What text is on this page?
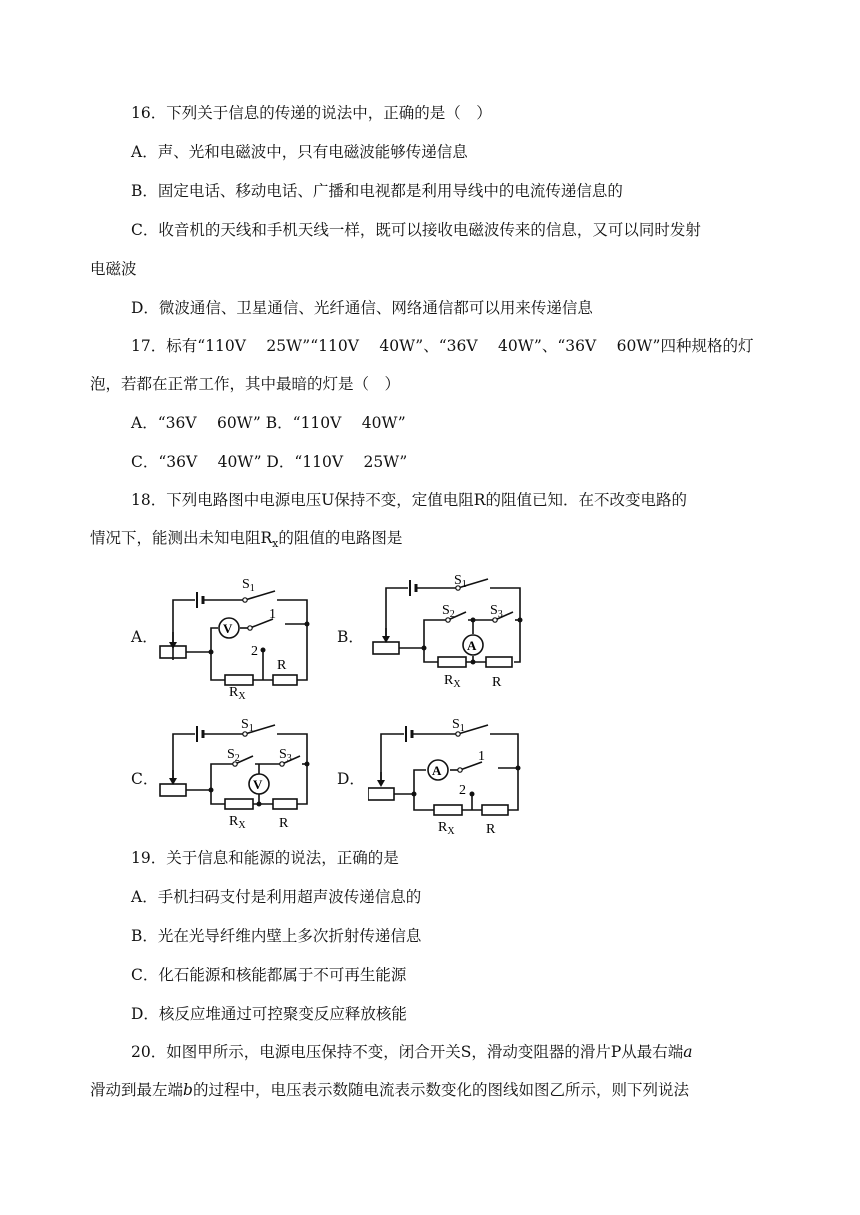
16．下列关于信息的传递的说法中，正确的是（　）
A．声、光和电磁波中，只有电磁波能够传递信息
B．固定电话、移动电话、广播和电视都是利用导线中的电流传递信息的
C．收音机的天线和手机天线一样，既可以接收电磁波传来的信息，又可以同时发射
电磁波
D．微波通信、卫星通信、光纤通信、网络通信都可以用来传递信息
17．标有“110V　 25W”“110V　 40W”、“36V　 40W”、“36V　 60W”四种规格的灯
泡，若都在正常工作，其中最暗的灯是（　）
A．“36V　 60W” B．“110V　 40W”
C．“36V　 40W” D．“110V　 25W”
18．下列电路图中电源电压U保持不变，定值电阻R的阻值已知．在不改变电路的
情况下，能测出未知电阻$R_x$的阻值的电路图是
A．	B．
C．	D．
V
$S_1$
1
2
R
$R_X$
A
$S_1$
$S_2$	$S_3$
R
$R_X$
V
$S_1$
$S_2$	$S_3$
R
$R_X$
A
$S_1$
1
2
R
$R_X$
19．关于信息和能源的说法，正确的是
A．手机扫码支付是利用超声波传递信息的
B．光在光导纤维内壁上多次折射传递信息
C．化石能源和核能都属于不可再生能源
D．核反应堆通过可控聚变反应释放核能
20．如图甲所示，电源电压保持不变，闭合开关S，滑动变阻器的滑片P从最右端a
滑动到最左端b的过程中，电压表示数随电流表示数变化的图线如图乙所示，则下列说法
